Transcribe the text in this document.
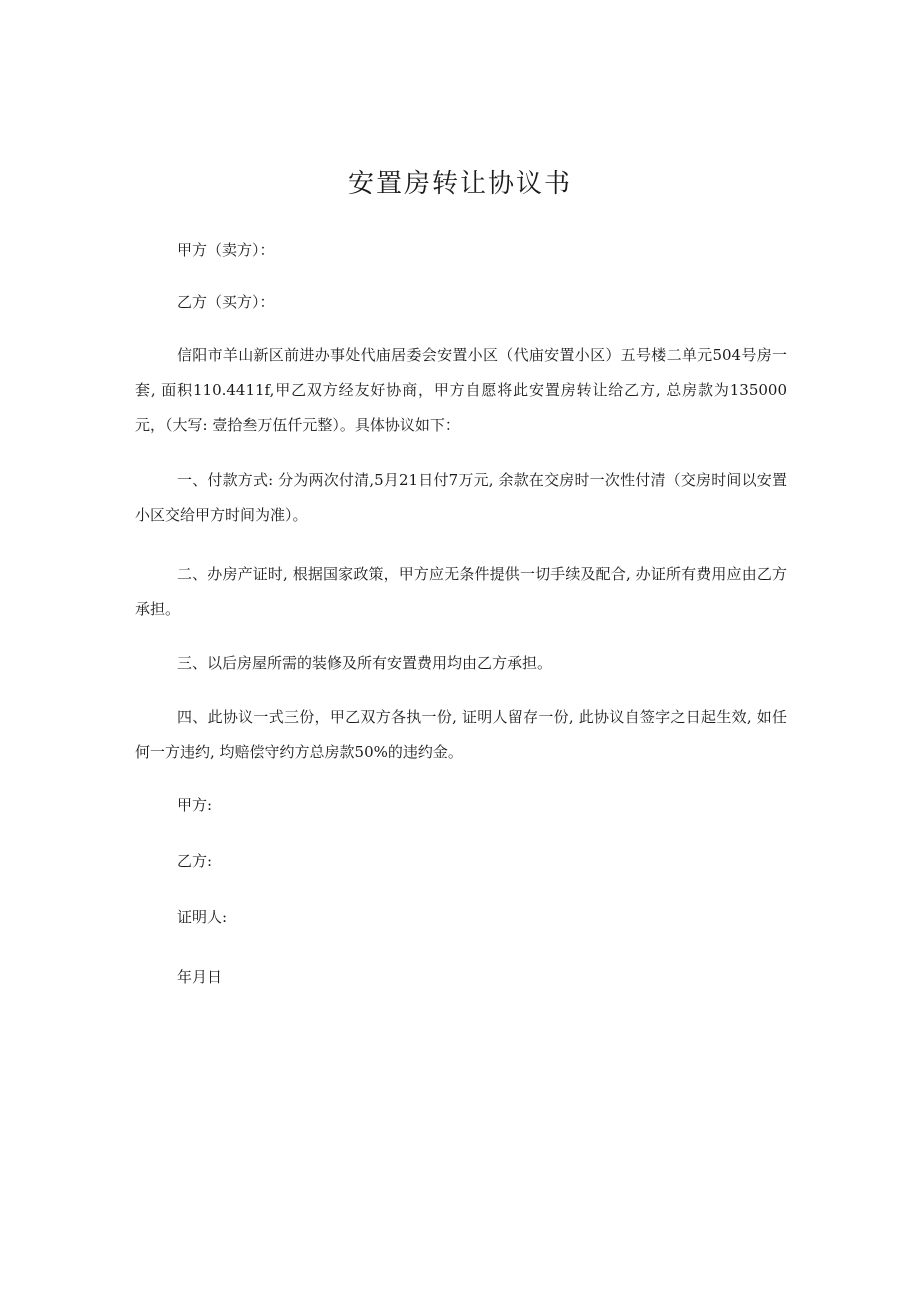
安置房转让协议书

甲方（卖方）：

乙方（买方）：

信阳市羊山新区前进办事处代庙居委会安置小区（代庙安置小区）五号楼二单元504号房一套, 面积110.4411f,甲乙双方经友好协商，甲方自愿将此安置房转让给乙方, 总房款为135000元，（大写: 壹拾叁万伍仟元整）。具体协议如下：

一、付款方式: 分为两次付清,5月21日付7万元, 余款在交房时一次性付清（交房时间以安置小区交给甲方时间为准）。

二、办房产证时, 根据国家政策，甲方应无条件提供一切手续及配合, 办证所有费用应由乙方承担。

三、以后房屋所需的装修及所有安置费用均由乙方承担。

四、此协议一式三份，甲乙双方各执一份, 证明人留存一份, 此协议自签字之日起生效, 如任何一方违约, 均赔偿守约方总房款50%的违约金。

甲方:

乙方:

证明人:

年月日
